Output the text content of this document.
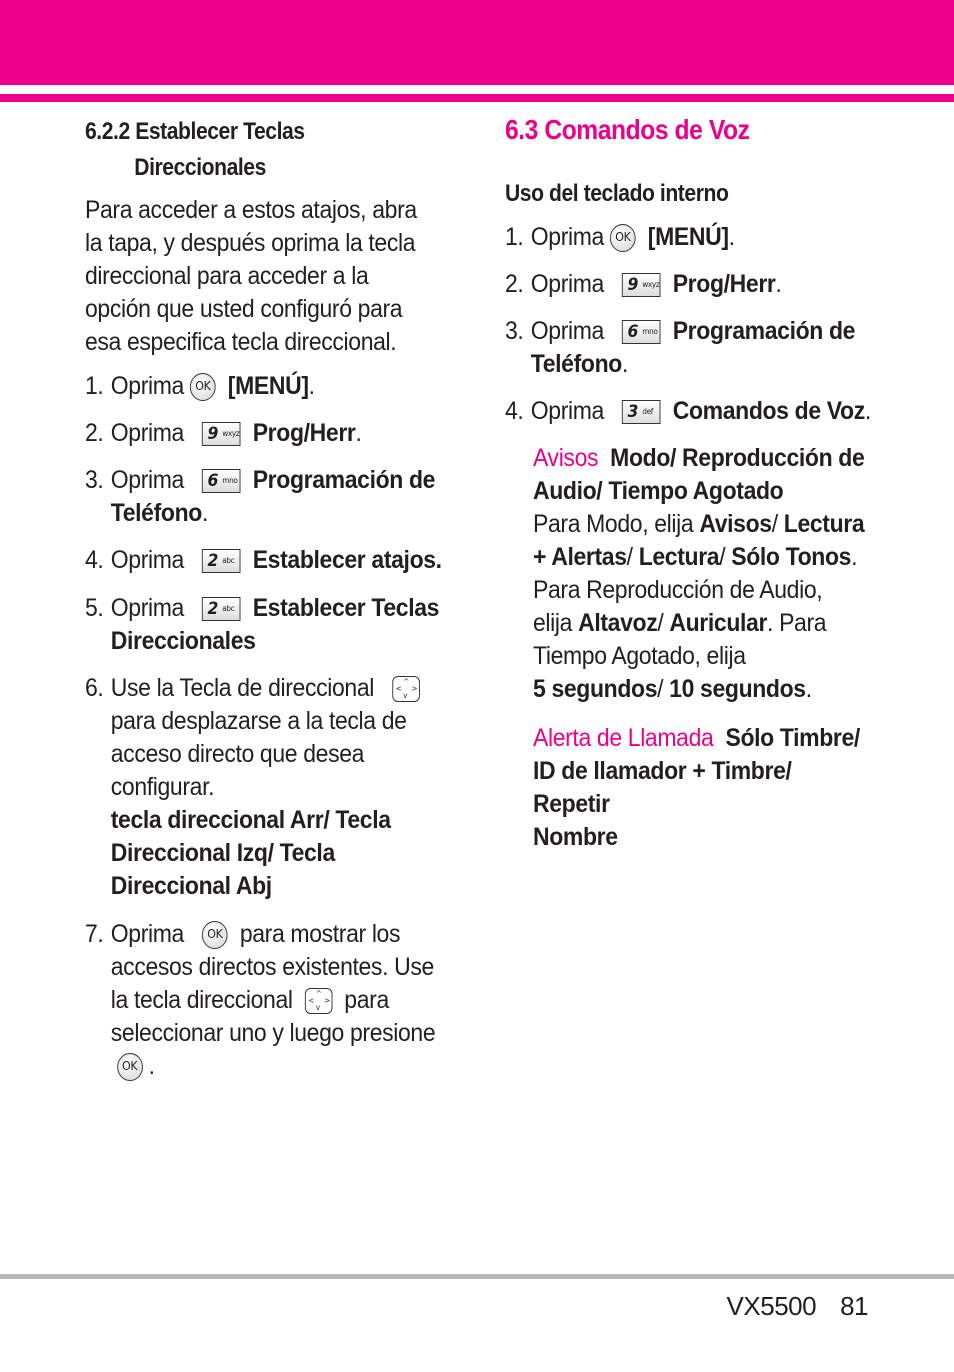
6.2.2 Establecer Teclas
Direccionales
Para acceder a estos atajos, abra
la tapa, y después oprima la tecla
direccional para acceder a la
opción que usted configuró para
esa especifica tecla direccional.
1. Oprima OK [MENÚ].
2. Oprima 9 wxyz Prog/Herr.
3. Oprima 6 mno Programación de
Teléfono.
4. Oprima 2 abc Establecer atajos.
5. Oprima 2 abc Establecer Teclas
Direccionales
6. Use la Tecla de direccional	^
v
< >

para desplazarse a la tecla de
acceso directo que desea
configurar.
tecla direccional Arr/ Tecla
Direccional Izq/ Tecla
Direccional Abj
7. Oprima OK para mostrar los
accesos directos existentes. Use
la tecla direccional	^
v
< > para
seleccionar uno y luego presione
OK .
6.3 Comandos de Voz
Uso del teclado interno
1. Oprima OK [MENÚ].
2. Oprima 9 wxyz Prog/Herr.
3. Oprima 6 mno Programación de
Teléfono.
4. Oprima 3 def Comandos de Voz.
Avisos Modo/ Reproducción de
Audio/ Tiempo Agotado
Para Modo, elija Avisos/ Lectura
+ Alertas/ Lectura/ Sólo Tonos.
Para Reproducción de Audio,
elija Altavoz/ Auricular. Para
Tiempo Agotado, elija
5 segundos/ 10 segundos.
Alerta de Llamada Sólo Timbre/
ID de llamador + Timbre/ Repetir
Nombre
VX5500 81
